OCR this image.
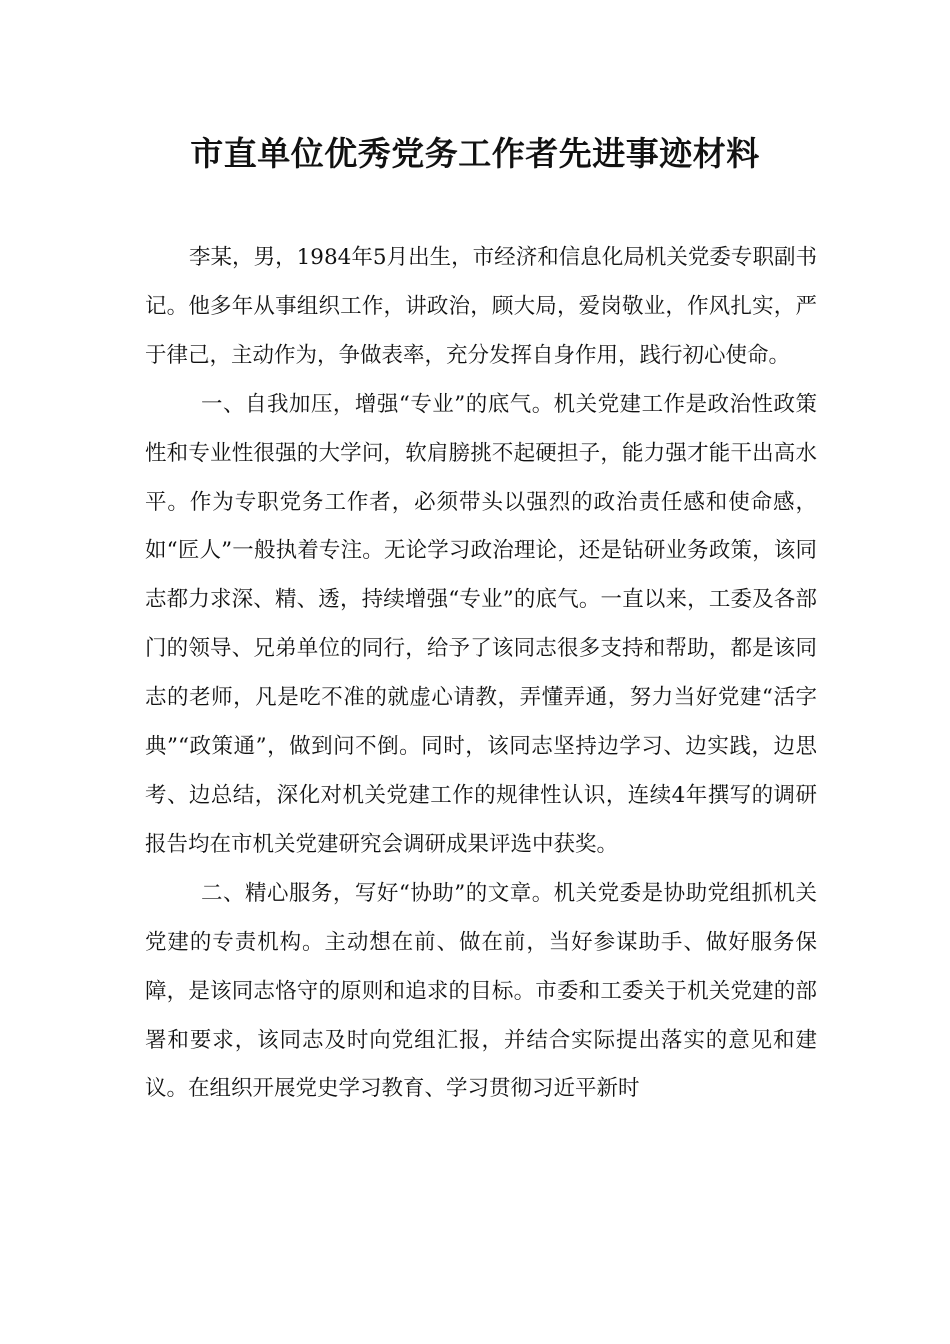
市直单位优秀党务工作者先进事迹材料

李某，男，1984年5月出生，市经济和信息化局机关党委专职副书记。他多年从事组织工作，讲政治，顾大局，爱岗敬业，作风扎实，严于律己，主动作为，争做表率，充分发挥自身作用，践行初心使命。

一、自我加压，增强“专业”的底气。机关党建工作是政治性政策性和专业性很强的大学问，软肩膀挑不起硬担子，能力强才能干出高水平。作为专职党务工作者，必须带头以强烈的政治责任感和使命感，如“匠人”一般执着专注。无论学习政治理论，还是钻研业务政策，该同志都力求深、精、透，持续增强“专业”的底气。一直以来，工委及各部门的领导、兄弟单位的同行，给予了该同志很多支持和帮助，都是该同志的老师，凡是吃不准的就虚心请教，弄懂弄通，努力当好党建“活字典”“政策通”，做到问不倒。同时，该同志坚持边学习、边实践，边思考、边总结，深化对机关党建工作的规律性认识，连续4年撰写的调研报告均在市机关党建研究会调研成果评选中获奖。

二、精心服务，写好“协助”的文章。机关党委是协助党组抓机关党建的专责机构。主动想在前、做在前，当好参谋助手、做好服务保障，是该同志恪守的原则和追求的目标。市委和工委关于机关党建的部署和要求，该同志及时向党组汇报，并结合实际提出落实的意见和建议。在组织开展党史学习教育、学习贯彻习近平新时
